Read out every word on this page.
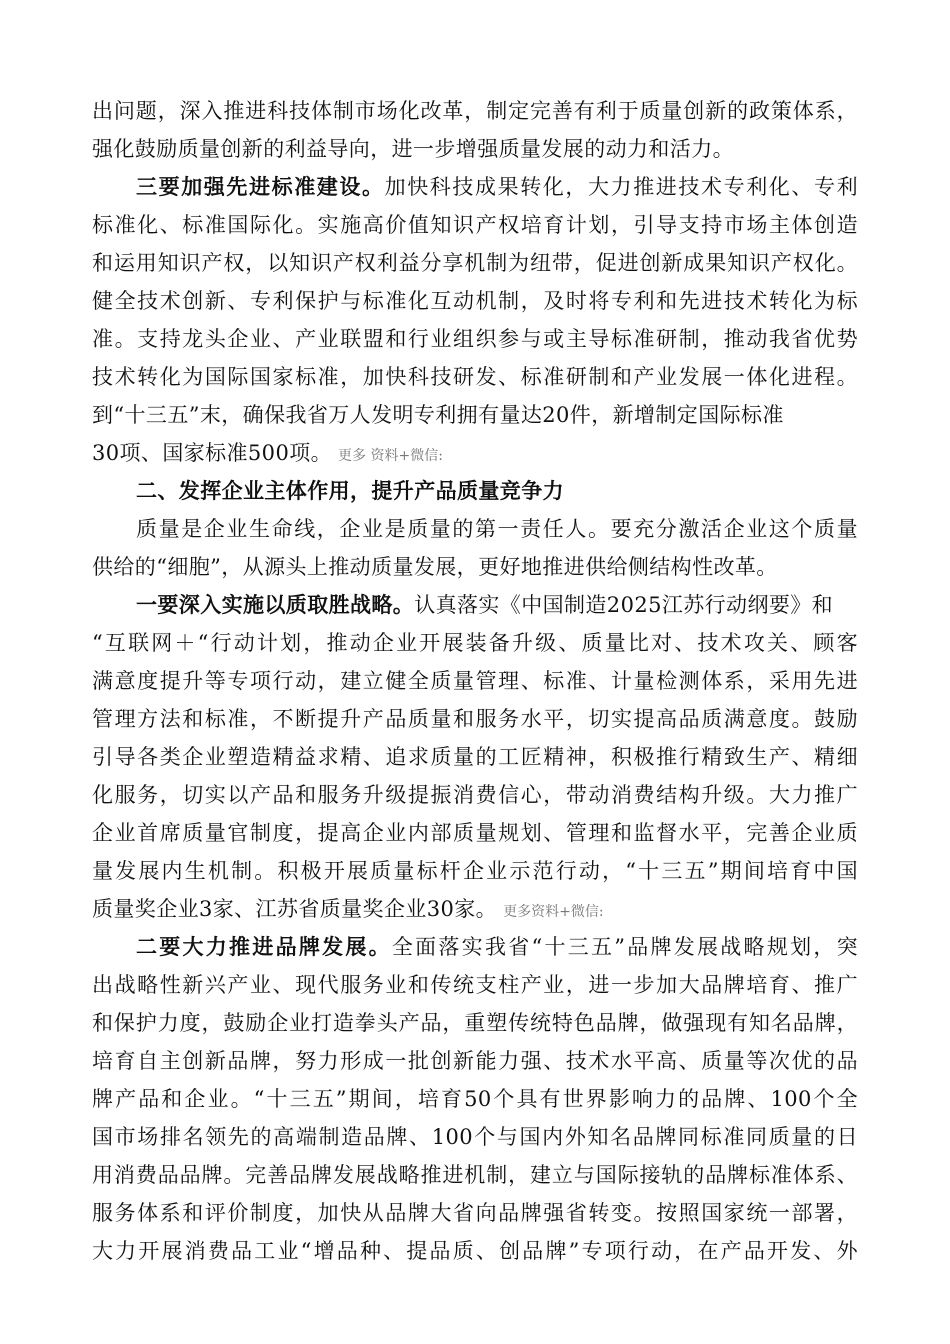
出问题，深入推进科技体制市场化改革，制定完善有利于质量创新的政策体系，
强化鼓励质量创新的利益导向，进一步增强质量发展的动力和活力。
三要加强先进标准建设。加快科技成果转化，大力推进技术专利化、专利
标准化、标准国际化。实施高价值知识产权培育计划，引导支持市场主体创造
和运用知识产权，以知识产权利益分享机制为纽带，促进创新成果知识产权化。
健全技术创新、专利保护与标准化互动机制，及时将专利和先进技术转化为标
准。支持龙头企业、产业联盟和行业组织参与或主导标准研制，推动我省优势
技术转化为国际国家标准，加快科技研发、标准研制和产业发展一体化进程。
到“十三五”末，确保我省万人发明专利拥有量达20件，新增制定国际标准
30项、国家标准500项。 更多 资料+微信:
二、发挥企业主体作用，提升产品质量竞争力
质量是企业生命线，企业是质量的第一责任人。要充分激活企业这个质量
供给的“细胞”，从源头上推动质量发展，更好地推进供给侧结构性改革。
一要深入实施以质取胜战略。认真落实《中国制造2025江苏行动纲要》和
“互联网＋“行动计划，推动企业开展装备升级、质量比对、技术攻关、顾客
满意度提升等专项行动，建立健全质量管理、标准、计量检测体系，采用先进
管理方法和标准，不断提升产品质量和服务水平，切实提高品质满意度。鼓励
引导各类企业塑造精益求精、追求质量的工匠精神，积极推行精致生产、精细
化服务，切实以产品和服务升级提振消费信心，带动消费结构升级。大力推广
企业首席质量官制度，提高企业内部质量规划、管理和监督水平，完善企业质
量发展内生机制。积极开展质量标杆企业示范行动，“十三五”期间培育中国
质量奖企业3家、江苏省质量奖企业30家。 更多资料+微信:
二要大力推进品牌发展。全面落实我省“十三五”品牌发展战略规划，突
出战略性新兴产业、现代服务业和传统支柱产业，进一步加大品牌培育、推广
和保护力度，鼓励企业打造拳头产品，重塑传统特色品牌，做强现有知名品牌，
培育自主创新品牌，努力形成一批创新能力强、技术水平高、质量等次优的品
牌产品和企业。“十三五”期间，培育50个具有世界影响力的品牌、100个全
国市场排名领先的高端制造品牌、100个与国内外知名品牌同标准同质量的日
用消费品品牌。完善品牌发展战略推进机制，建立与国际接轨的品牌标准体系、
服务体系和评价制度，加快从品牌大省向品牌强省转变。按照国家统一部署，
大力开展消费品工业“增品种、提品质、创品牌”专项行动，在产品开发、外
